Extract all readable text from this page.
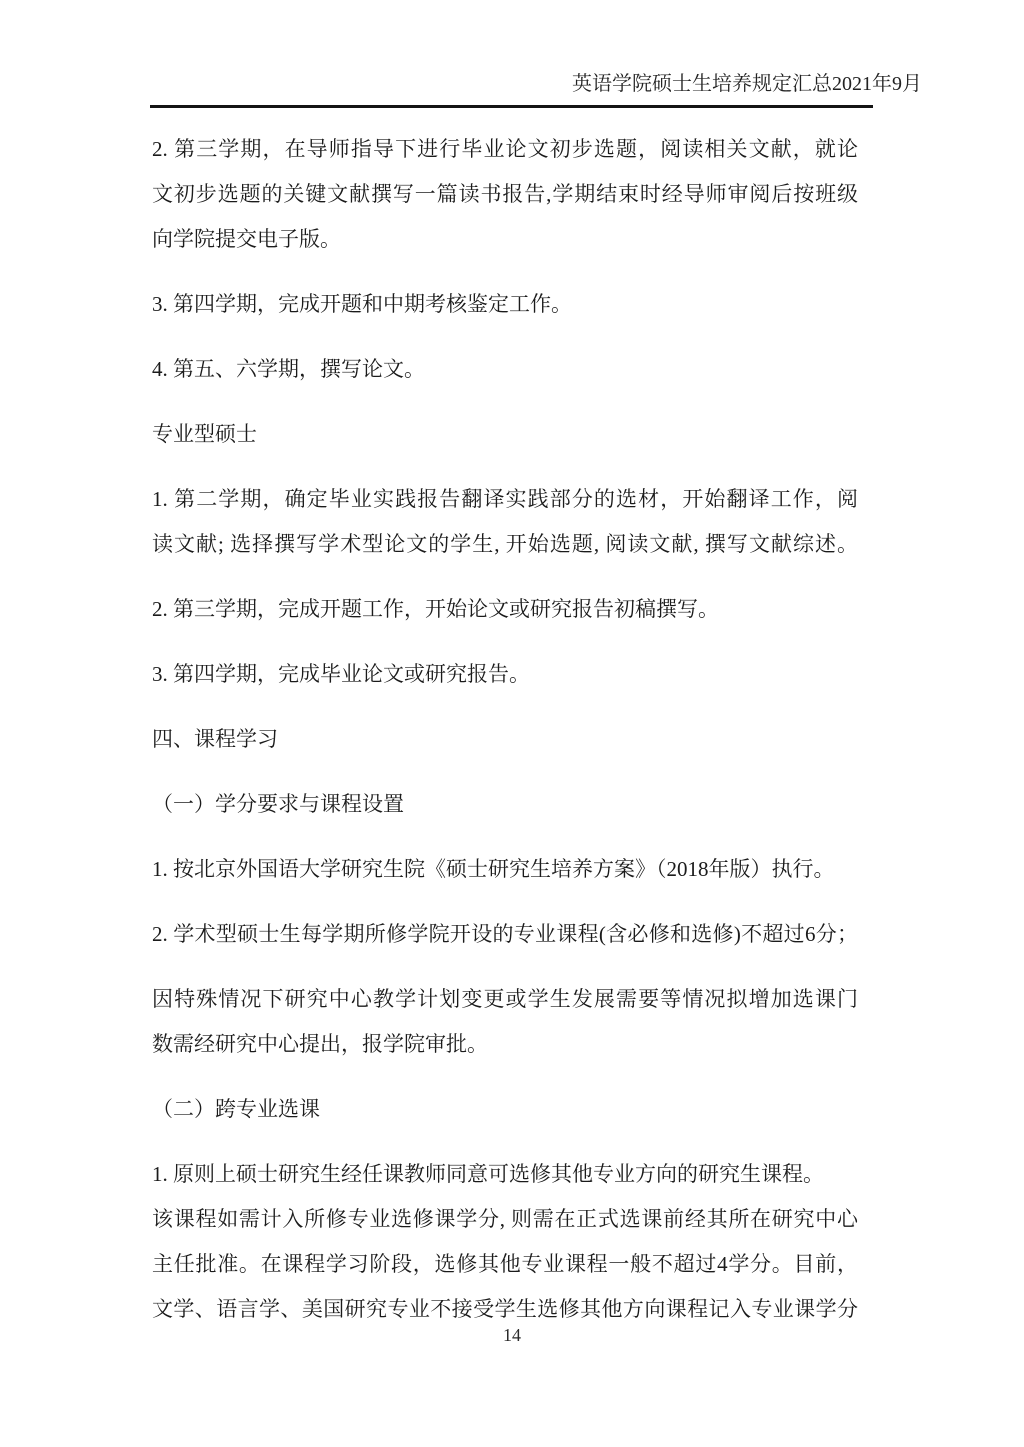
英语学院硕士生培养规定汇总2021年9月

2. 第三学期，在导师指导下进行毕业论文初步选题，阅读相关文献，就论
文初步选题的关键文献撰写一篇读书报告,学期结束时经导师审阅后按班级
向学院提交电子版。

3. 第四学期，完成开题和中期考核鉴定工作。

4. 第五、六学期，撰写论文。

专业型硕士

1. 第二学期，确定毕业实践报告翻译实践部分的选材，开始翻译工作，阅
读文献; 选择撰写学术型论文的学生, 开始选题, 阅读文献, 撰写文献综述。

2. 第三学期，完成开题工作，开始论文或研究报告初稿撰写。

3. 第四学期，完成毕业论文或研究报告。

四、课程学习

（一）学分要求与课程设置

1. 按北京外国语大学研究生院《硕士研究生培养方案》（2018年版）执行。

2. 学术型硕士生每学期所修学院开设的专业课程(含必修和选修)不超过6分；

因特殊情况下研究中心教学计划变更或学生发展需要等情况拟增加选课门
数需经研究中心提出，报学院审批。

（二）跨专业选课

1. 原则上硕士研究生经任课教师同意可选修其他专业方向的研究生课程。
该课程如需计入所修专业选修课学分, 则需在正式选课前经其所在研究中心
主任批准。在课程学习阶段，选修其他专业课程一般不超过4学分。目前，
文学、语言学、美国研究专业不接受学生选修其他方向课程记入专业课学分

14
